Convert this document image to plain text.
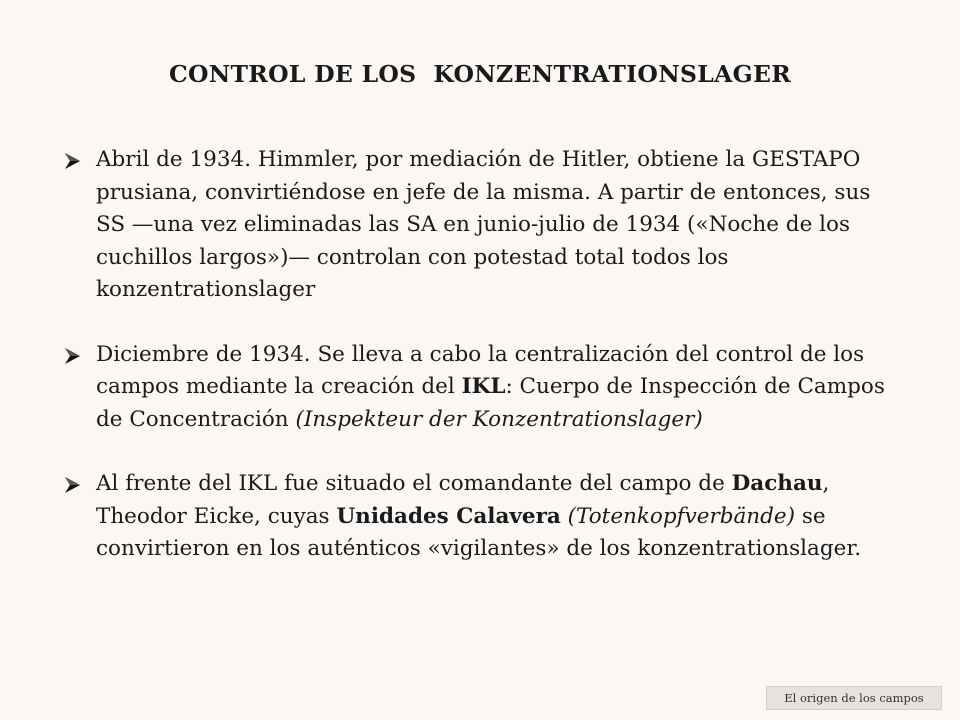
CONTROL DE LOS  KONZENTRATIONSLAGER
Abril de 1934. Himmler, por mediación de Hitler, obtiene la GESTAPO prusiana, convirtiéndose en jefe de la misma. A partir de entonces, sus SS —una vez eliminadas las SA en junio-julio de 1934 («Noche de los cuchillos largos»)— controlan con potestad total todos los konzentrationslager
Diciembre de 1934. Se lleva a cabo la centralización del control de los campos mediante la creación del IKL: Cuerpo de Inspección de Campos de Concentración (Inspekteur der Konzentrationslager)
Al frente del IKL fue situado el comandante del campo de Dachau, Theodor Eicke, cuyas Unidades Calavera (Totenkopfverbände) se convirtieron en los auténticos «vigilantes» de los konzentrationslager.
El origen de los campos
